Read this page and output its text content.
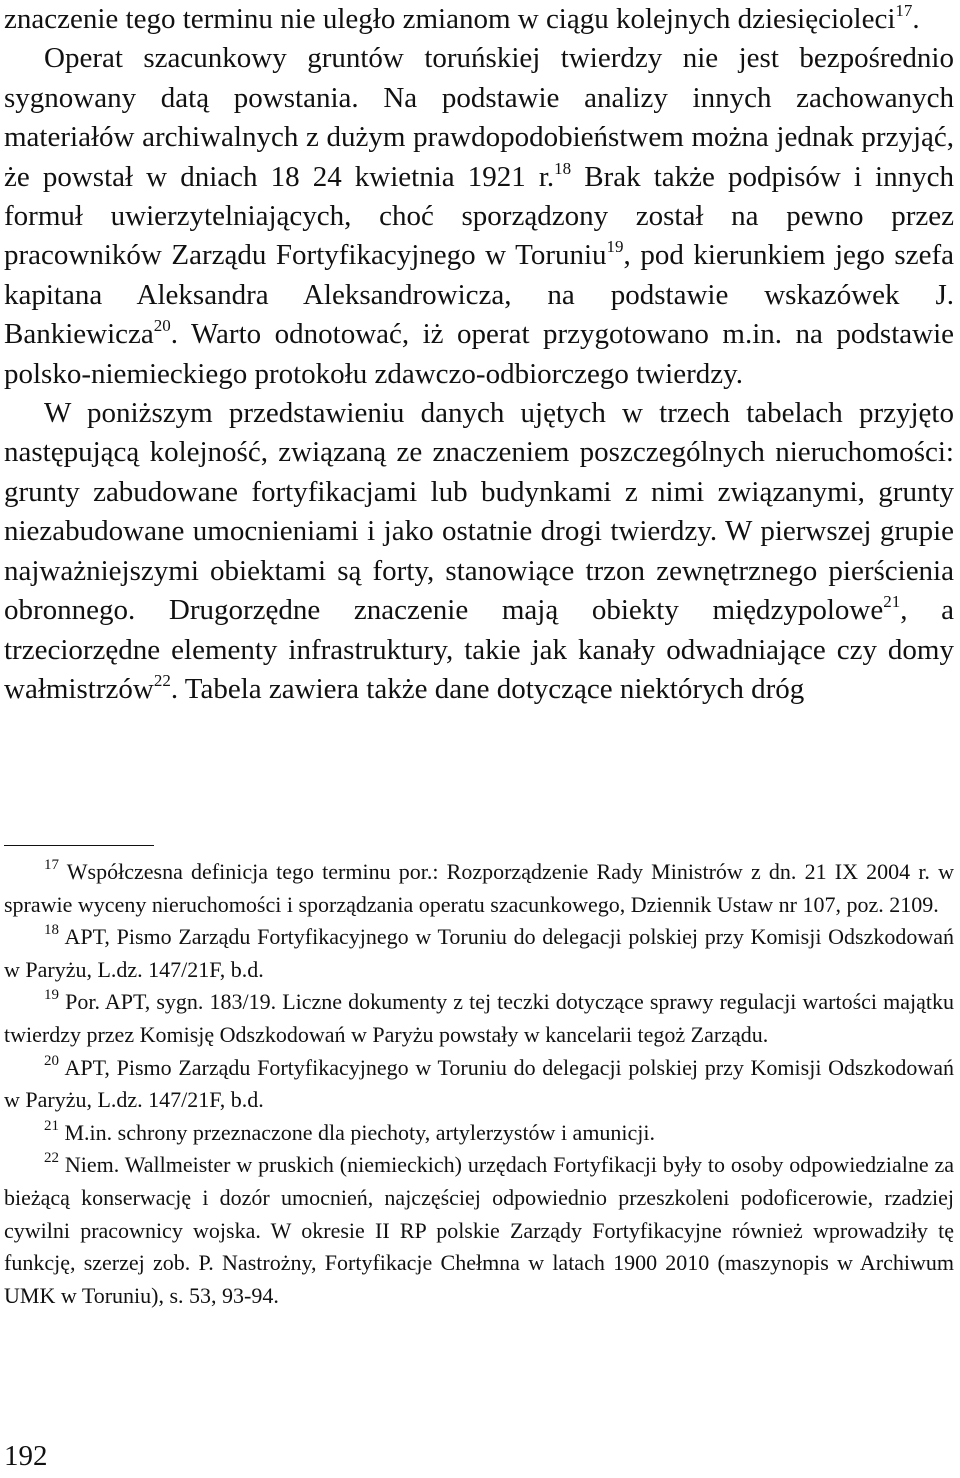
znaczenie tego terminu nie uległo zmianom w ciągu kolejnych dziesięcioleci$^{17}$.

Operat szacunkowy gruntów toruńskiej twierdzy nie jest bezpośrednio sygnowany datą powstania. Na podstawie analizy innych zachowanych materiałów archiwalnych z dużym prawdopodobieństwem można jednak przyjąć, że powstał w dniach 18 24 kwietnia 1921 r.$^{18}$ Brak także podpisów i innych formuł uwierzytelniających, choć sporządzony został na pewno przez pracowników Zarządu Fortyfikacyjnego w Toruniu$^{19}$, pod kierunkiem jego szefa kapitana Aleksandra Aleksandrowicza, na podstawie wskazówek J. Bankiewicza$^{20}$. Warto odnotować, iż operat przygotowano m.in. na podstawie polsko-niemieckiego protokołu zdawczo-odbiorczego twierdzy.

W poniższym przedstawieniu danych ujętych w trzech tabelach przyjęto następującą kolejność, związaną ze znaczeniem poszczególnych nieruchomości: grunty zabudowane fortyfikacjami lub budynkami z nimi związanymi, grunty niezabudowane umocnieniami i jako ostatnie drogi twierdzy. W pierwszej grupie najważniejszymi obiektami są forty, stanowiące trzon zewnętrznego pierścienia obronnego. Drugorzędne znaczenie mają obiekty międzypolowe$^{21}$, a trzeciorzędne elementy infrastruktury, takie jak kanały odwadniające czy domy wałmistrzów$^{22}$. Tabela zawiera także dane dotyczące niektórych dróg

$^{17}$ Współczesna definicja tego terminu por.: Rozporządzenie Rady Ministrów z dn. 21 IX 2004 r. w sprawie wyceny nieruchomości i sporządzania operatu szacunkowego, Dziennik Ustaw nr 107, poz. 2109.

$^{18}$ APT, Pismo Zarządu Fortyfikacyjnego w Toruniu do delegacji polskiej przy Komisji Odszkodowań w Paryżu, L.dz. 147/21F, b.d.

$^{19}$ Por. APT, sygn. 183/19. Liczne dokumenty z tej teczki dotyczące sprawy regulacji wartości majątku twierdzy przez Komisję Odszkodowań w Paryżu powstały w kancelarii tegoż Zarządu.

$^{20}$ APT, Pismo Zarządu Fortyfikacyjnego w Toruniu do delegacji polskiej przy Komisji Odszkodowań w Paryżu, L.dz. 147/21F, b.d.

$^{21}$ M.in. schrony przeznaczone dla piechoty, artylerzystów i amunicji.

$^{22}$ Niem. Wallmeister w pruskich (niemieckich) urzędach Fortyfikacji były to osoby odpowiedzialne za bieżącą konserwację i dozór umocnień, najczęściej odpowiednio przeszkoleni podoficerowie, rzadziej cywilni pracownicy wojska. W okresie II RP polskie Zarządy Fortyfikacyjne również wprowadziły tę funkcję, szerzej zob. P. Nastrożny, Fortyfikacje Chełmna w latach 1900 2010 (maszynopis w Archiwum UMK w Toruniu), s. 53, 93-94.

192
